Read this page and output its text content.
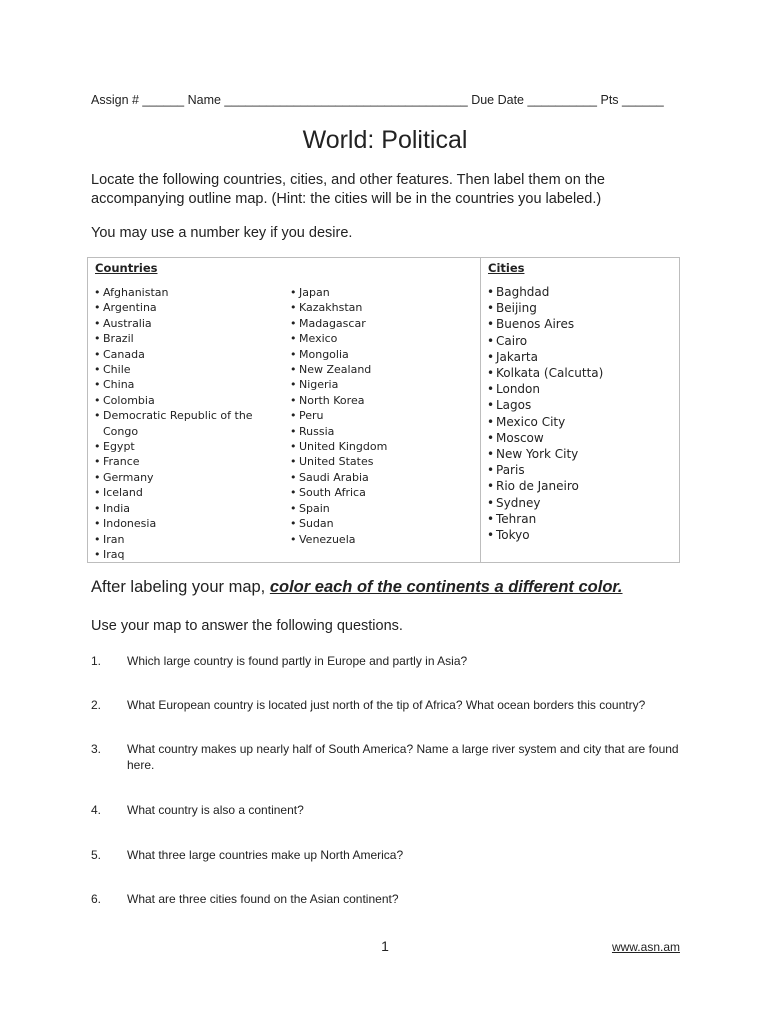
Assign # ______ Name ___________________________________ Due Date __________ Pts ______
World: Political
Locate the following countries, cities, and other features. Then label them on the accompanying outline map. (Hint: the cities will be in the countries you labeled.)
You may use a number key if you desire.
Countries	Cities
• Afghanistan
• Argentina
• Australia
• Brazil
• Canada
• Chile
• China
• Colombia
• Democratic Republic of the Congo
• Egypt
• France
• Germany
• Iceland
• India
• Indonesia
• Iran
• Iraq
• Japan
• Kazakhstan
• Madagascar
• Mexico
• Mongolia
• New Zealand
• Nigeria
• North Korea
• Peru
• Russia
• United Kingdom
• United States
• Saudi Arabia
• South Africa
• Spain
• Sudan
• Venezuela
• Baghdad
• Beijing
• Buenos Aires
• Cairo
• Jakarta
• Kolkata (Calcutta)
• London
• Lagos
• Mexico City
• Moscow
• New York City
• Paris
• Rio de Janeiro
• Sydney
• Tehran
• Tokyo
After labeling your map, color each of the continents a different color.
Use your map to answer the following questions.
1. Which large country is found partly in Europe and partly in Asia?
2. What European country is located just north of the tip of Africa? What ocean borders this country?
3. What country makes up nearly half of South America? Name a large river system and city that are found here.
4. What country is also a continent?
5. What three large countries make up North America?
6. What are three cities found on the Asian continent?
1	www.asn.am
